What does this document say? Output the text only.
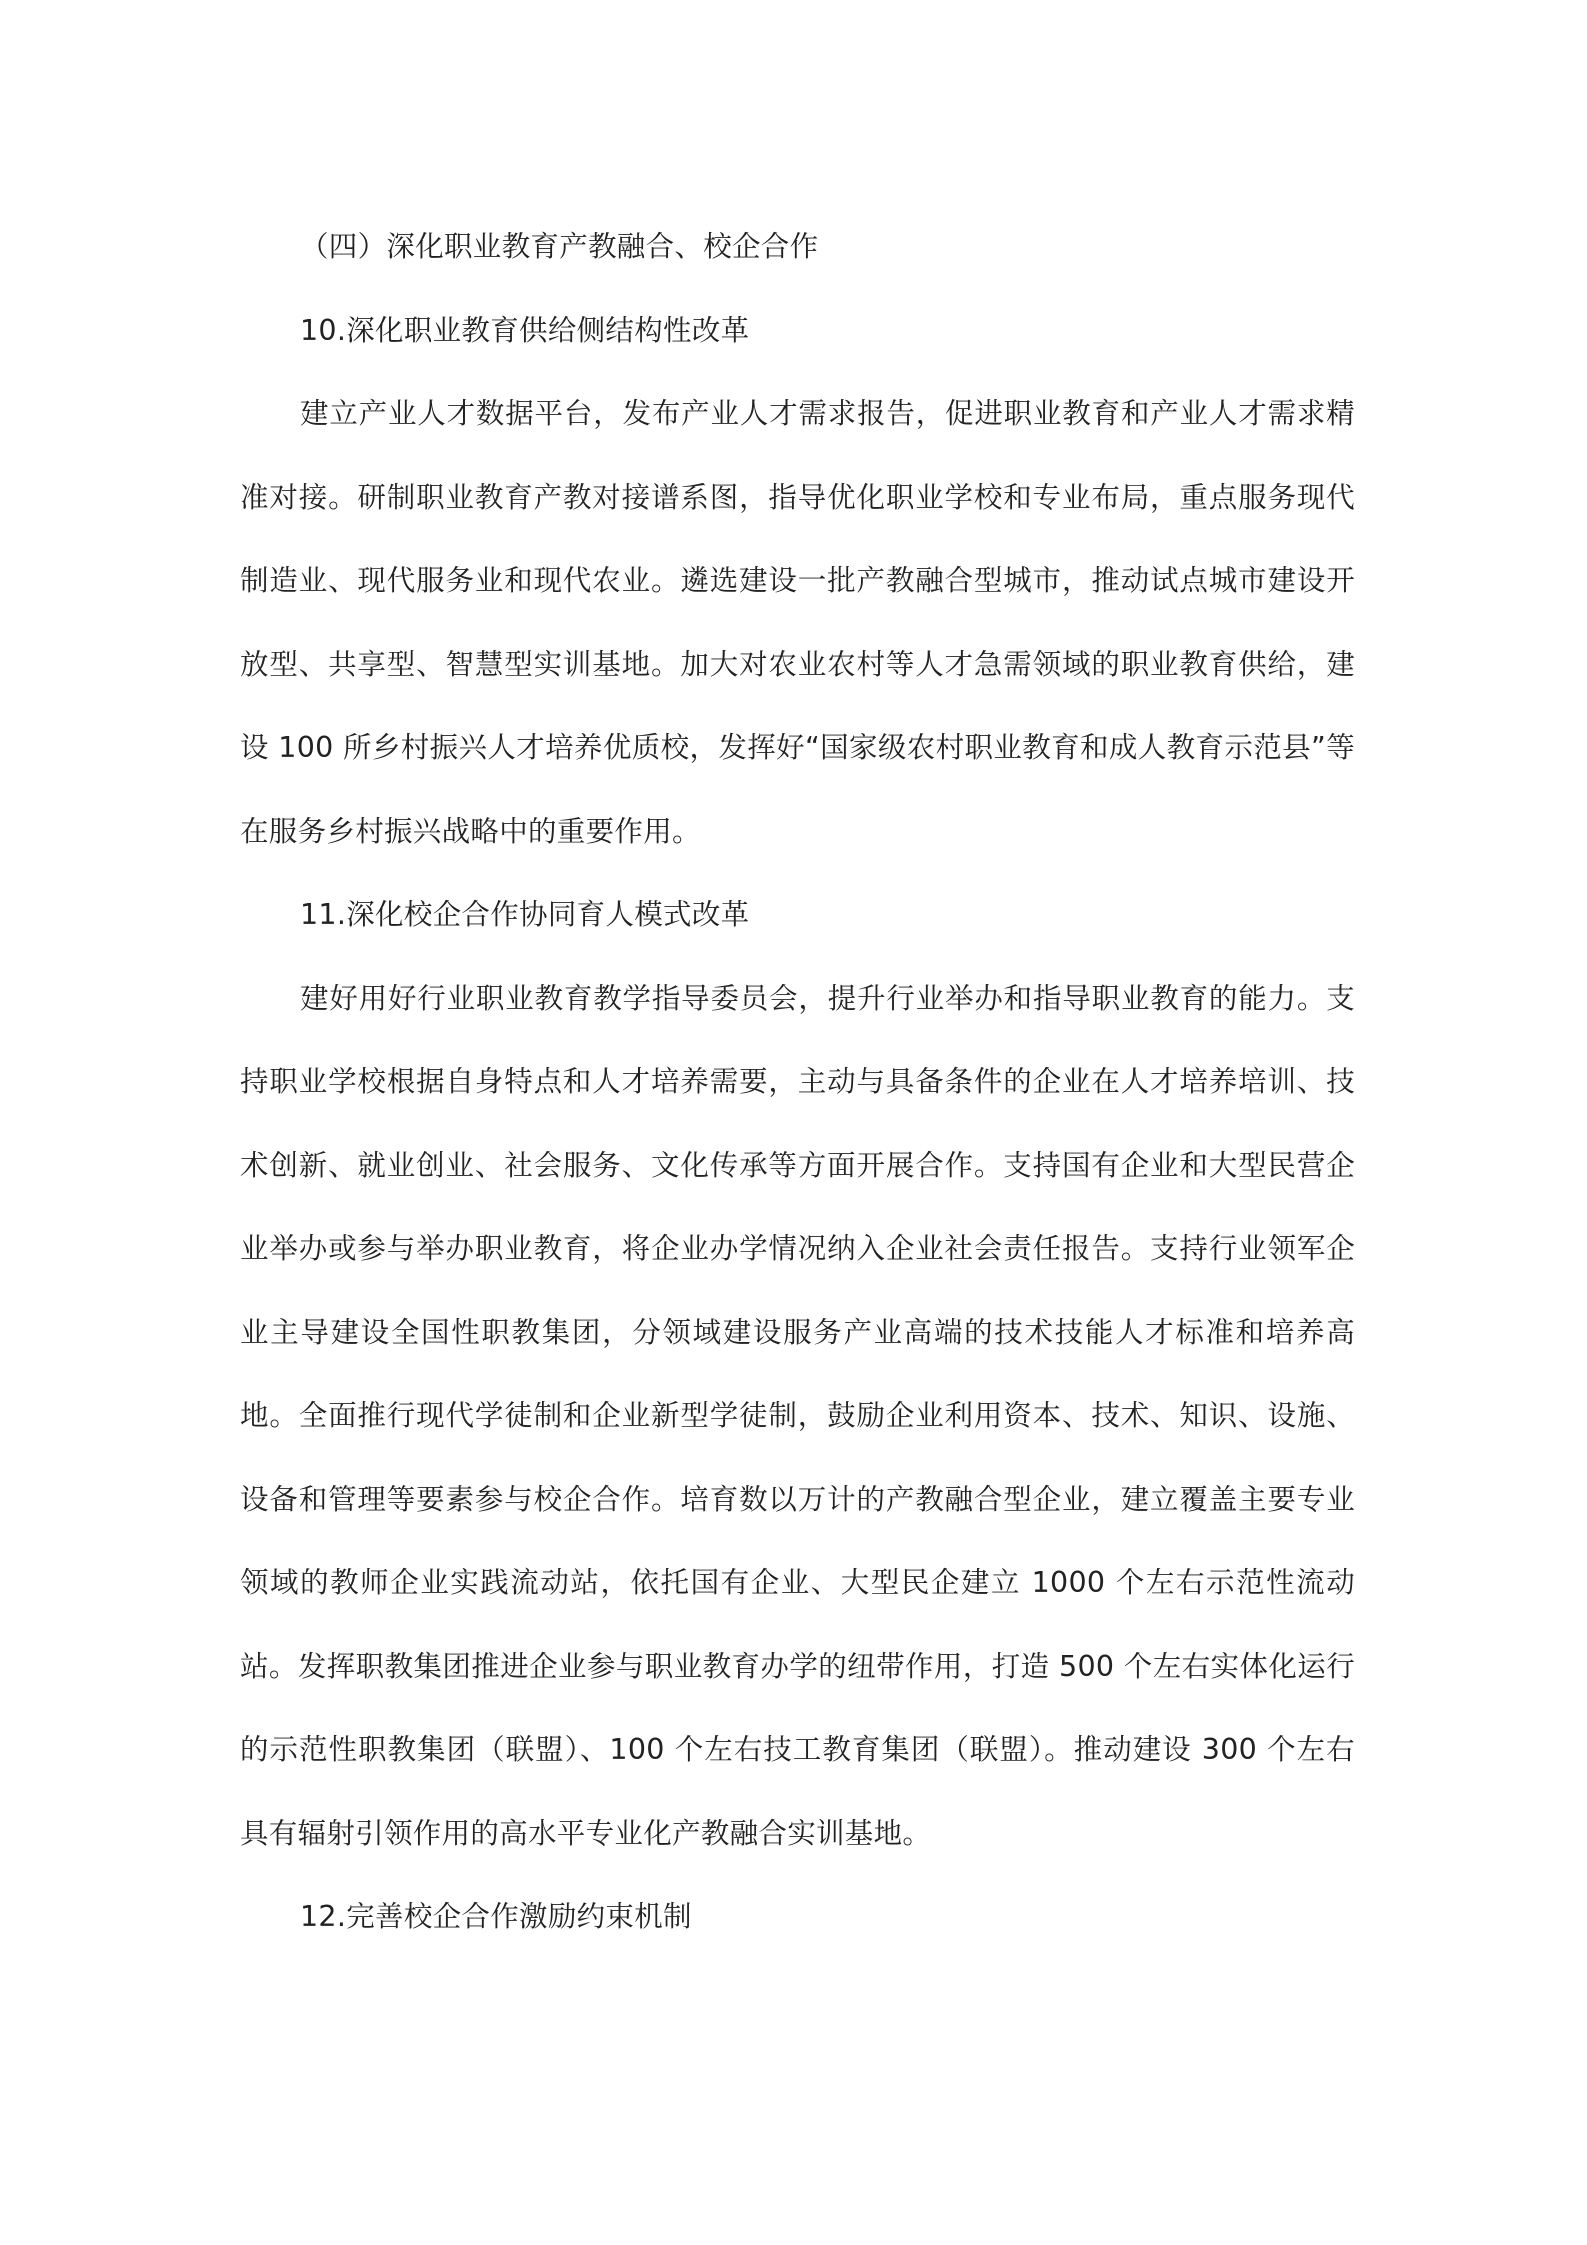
（四）深化职业教育产教融合、校企合作

10.深化职业教育供给侧结构性改革

建立产业人才数据平台，发布产业人才需求报告，促进职业教育和产业人才需求精准对接。研制职业教育产教对接谱系图，指导优化职业学校和专业布局，重点服务现代制造业、现代服务业和现代农业。遴选建设一批产教融合型城市，推动试点城市建设开放型、共享型、智慧型实训基地。加大对农业农村等人才急需领域的职业教育供给，建设 100 所乡村振兴人才培养优质校，发挥好“国家级农村职业教育和成人教育示范县”等在服务乡村振兴战略中的重要作用。

11.深化校企合作协同育人模式改革

建好用好行业职业教育教学指导委员会，提升行业举办和指导职业教育的能力。支持职业学校根据自身特点和人才培养需要，主动与具备条件的企业在人才培养培训、技术创新、就业创业、社会服务、文化传承等方面开展合作。支持国有企业和大型民营企业举办或参与举办职业教育，将企业办学情况纳入企业社会责任报告。支持行业领军企业主导建设全国性职教集团，分领域建设服务产业高端的技术技能人才标准和培养高地。全面推行现代学徒制和企业新型学徒制，鼓励企业利用资本、技术、知识、设施、设备和管理等要素参与校企合作。培育数以万计的产教融合型企业，建立覆盖主要专业领域的教师企业实践流动站，依托国有企业、大型民企建立 1000 个左右示范性流动站。发挥职教集团推进企业参与职业教育办学的纽带作用，打造 500 个左右实体化运行的示范性职教集团（联盟）、100 个左右技工教育集团（联盟）。推动建设 300 个左右具有辐射引领作用的高水平专业化产教融合实训基地。

12.完善校企合作激励约束机制
